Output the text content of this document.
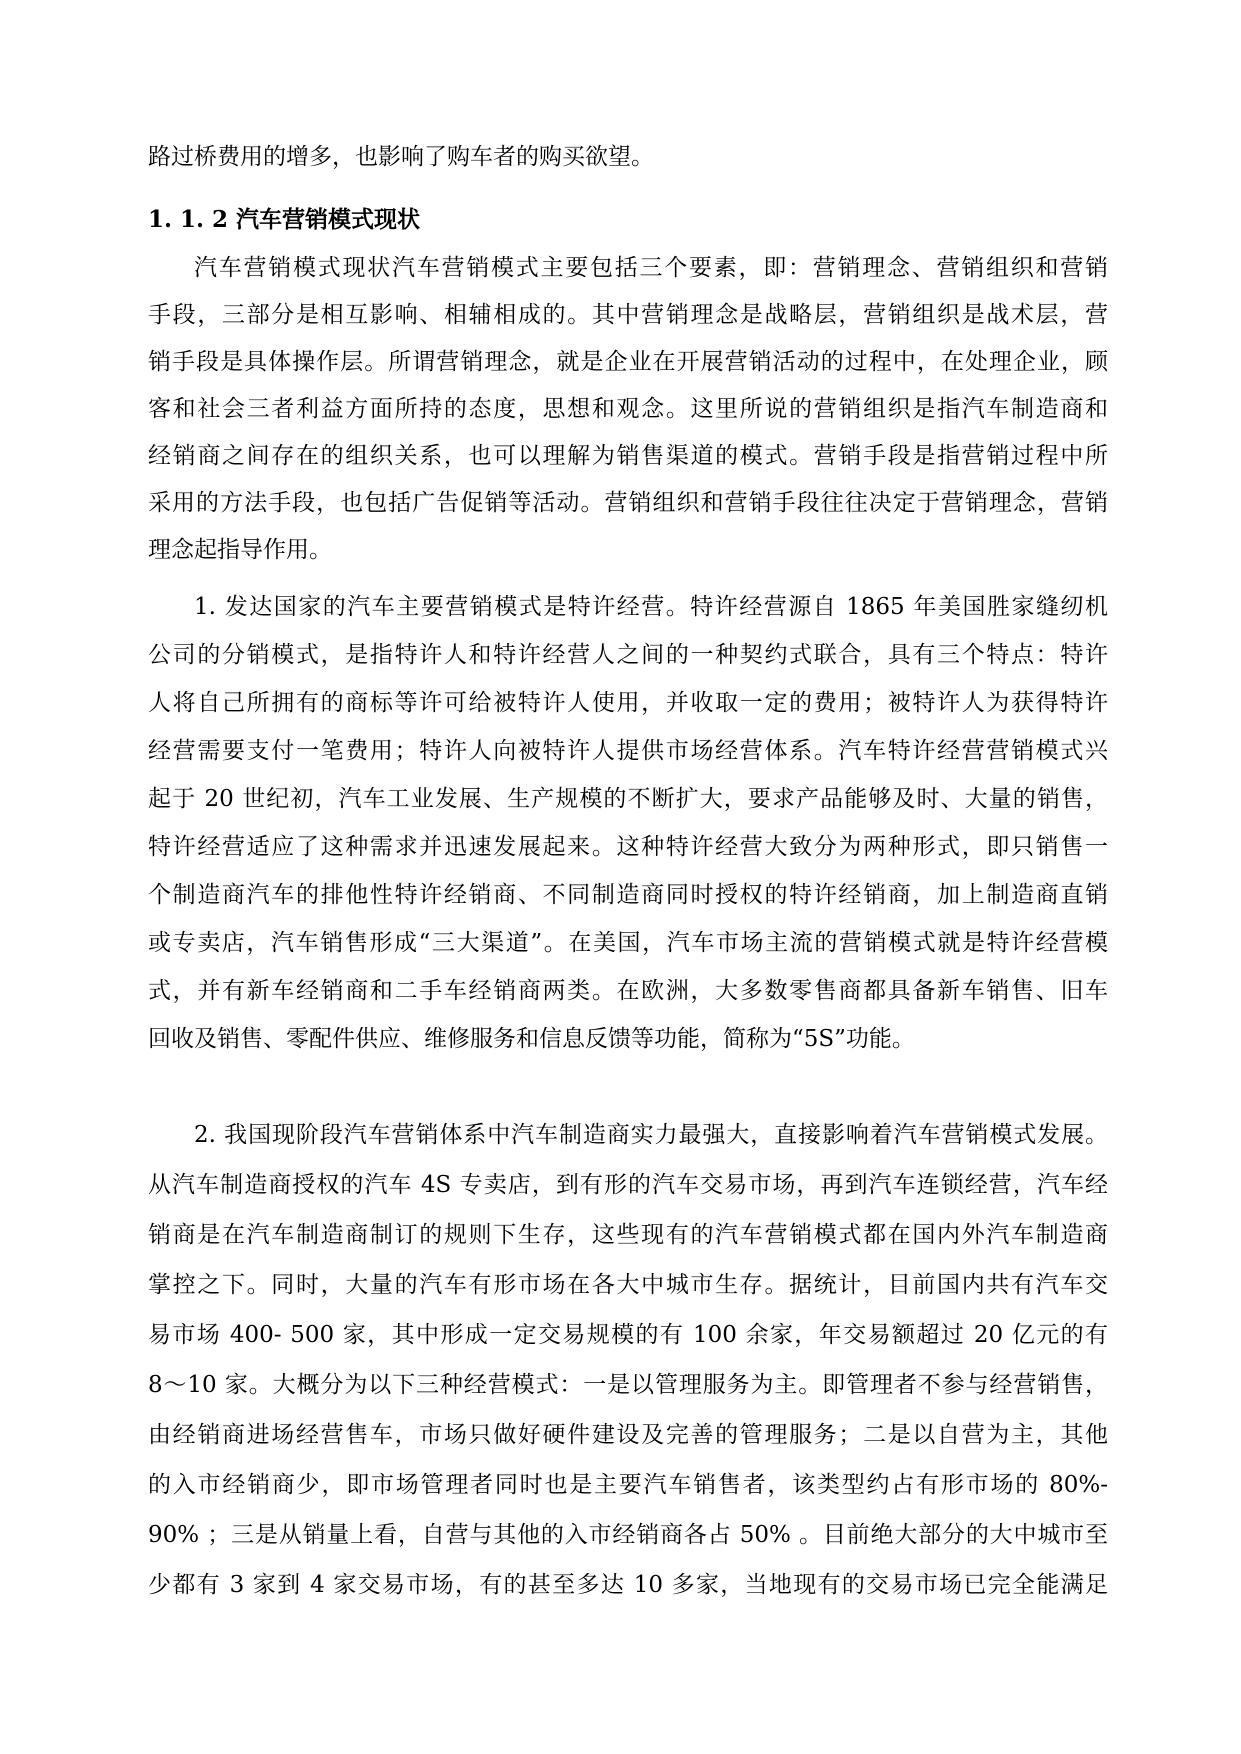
路过桥费用的增多，也影响了购车者的购买欲望。
1. 1. 2 汽车营销模式现状
汽车营销模式现状汽车营销模式主要包括三个要素，即：营销理念、营销组织和营销
手段，三部分是相互影响、相辅相成的。其中营销理念是战略层，营销组织是战术层，营
销手段是具体操作层。所谓营销理念，就是企业在开展营销活动的过程中，在处理企业，顾
客和社会三者利益方面所持的态度，思想和观念。这里所说的营销组织是指汽车制造商和
经销商之间存在的组织关系，也可以理解为销售渠道的模式。营销手段是指营销过程中所
采用的方法手段，也包括广告促销等活动。营销组织和营销手段往往决定于营销理念，营销
理念起指导作用。
1. 发达国家的汽车主要营销模式是特许经营。特许经营源自 1865 年美国胜家缝纫机
公司的分销模式，是指特许人和特许经营人之间的一种契约式联合，具有三个特点：特许
人将自己所拥有的商标等许可给被特许人使用，并收取一定的费用；被特许人为获得特许
经营需要支付一笔费用；特许人向被特许人提供市场经营体系。汽车特许经营营销模式兴
起于 20 世纪初，汽车工业发展、生产规模的不断扩大，要求产品能够及时、大量的销售，
特许经营适应了这种需求并迅速发展起来。这种特许经营大致分为两种形式，即只销售一
个制造商汽车的排他性特许经销商、不同制造商同时授权的特许经销商，加上制造商直销
或专卖店，汽车销售形成“三大渠道”。在美国，汽车市场主流的营销模式就是特许经营模
式，并有新车经销商和二手车经销商两类。在欧洲，大多数零售商都具备新车销售、旧车
回收及销售、零配件供应、维修服务和信息反馈等功能，简称为“5S”功能。
2. 我国现阶段汽车营销体系中汽车制造商实力最强大，直接影响着汽车营销模式发展。
从汽车制造商授权的汽车 4S 专卖店，到有形的汽车交易市场，再到汽车连锁经营，汽车经
销商是在汽车制造商制订的规则下生存，这些现有的汽车营销模式都在国内外汽车制造商
掌控之下。同时，大量的汽车有形市场在各大中城市生存。据统计，目前国内共有汽车交
易市场 400- 500 家，其中形成一定交易规模的有 100 余家，年交易额超过 20 亿元的有
8～10 家。大概分为以下三种经营模式：一是以管理服务为主。即管理者不参与经营销售，
由经销商进场经营售车，市场只做好硬件建设及完善的管理服务；二是以自营为主，其他
的入市经销商少，即市场管理者同时也是主要汽车销售者，该类型约占有形市场的 80%-
90% ；三是从销量上看，自营与其他的入市经销商各占 50% 。目前绝大部分的大中城市至
少都有 3 家到 4 家交易市场，有的甚至多达 10 多家，当地现有的交易市场已完全能满足
